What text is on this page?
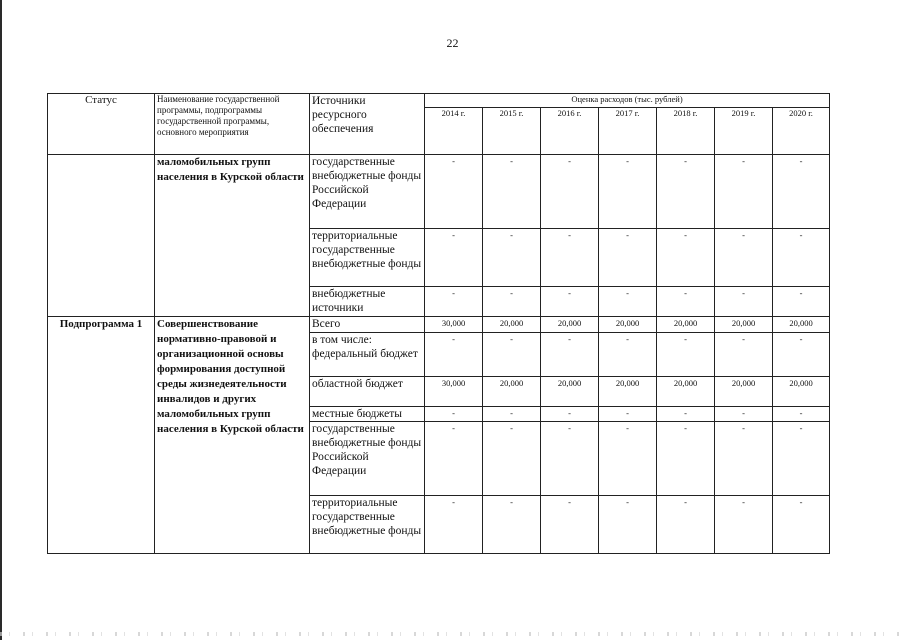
22
Статус	Наименование государственной программы, подпрограммы государственной программы, основного мероприятия	Источники ресурсного обеспечения	Оценка расходов (тыс. рублей)						
			2014 г.	2015 г.	2016 г.	2017 г.	2018 г.	2019 г.	2020 г.
	маломобильных групп населения в Курской области	государственные внебюджетные фонды Российской Федерации	-	-	-	-	-	-	-
		территориальные государственные внебюджетные фонды	-	-	-	-	-	-	-
		внебюджетные источники	-	-	-	-	-	-	-
Подпрограмма 1	Совершенствование нормативно-правовой и организационной основы формирования доступной среды жизнедеятельности инвалидов и других маломобильных групп населения в Курской области	Всего	30,000	20,000	20,000	20,000	20,000	20,000	20,000
		в том числе: федеральный бюджет	-	-	-	-	-	-	-
		областной бюджет	30,000	20,000	20,000	20,000	20,000	20,000	20,000
		местные бюджеты	-	-	-	-	-	-	-
		государственные внебюджетные фонды Российской Федерации	-	-	-	-	-	-	-
		территориальные государственные внебюджетные фонды	-	-	-	-	-	-	-
